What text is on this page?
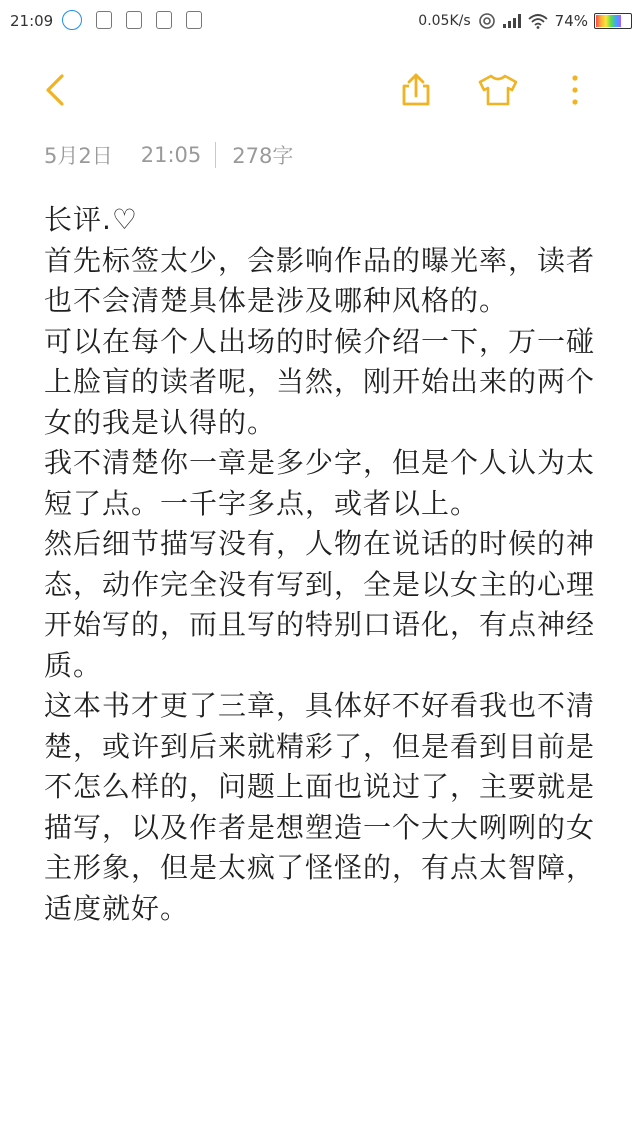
21:09	0.05K/s	74%
5月2日 21:05 278字

长评.♡

首先标签太少，会影响作品的曝光率，读者也不会清楚具体是涉及哪种风格的。

可以在每个人出场的时候介绍一下，万一碰上脸盲的读者呢，当然，刚开始出来的两个女的我是认得的。

我不清楚你一章是多少字，但是个人认为太短了点。一千字多点，或者以上。

然后细节描写没有，人物在说话的时候的神态，动作完全没有写到，全是以女主的心理开始写的，而且写的特别口语化，有点神经质。

这本书才更了三章，具体好不好看我也不清楚，或许到后来就精彩了，但是看到目前是不怎么样的，问题上面也说过了，主要就是描写，以及作者是想塑造一个大大咧咧的女主形象，但是太疯了怪怪的，有点太智障，适度就好。
